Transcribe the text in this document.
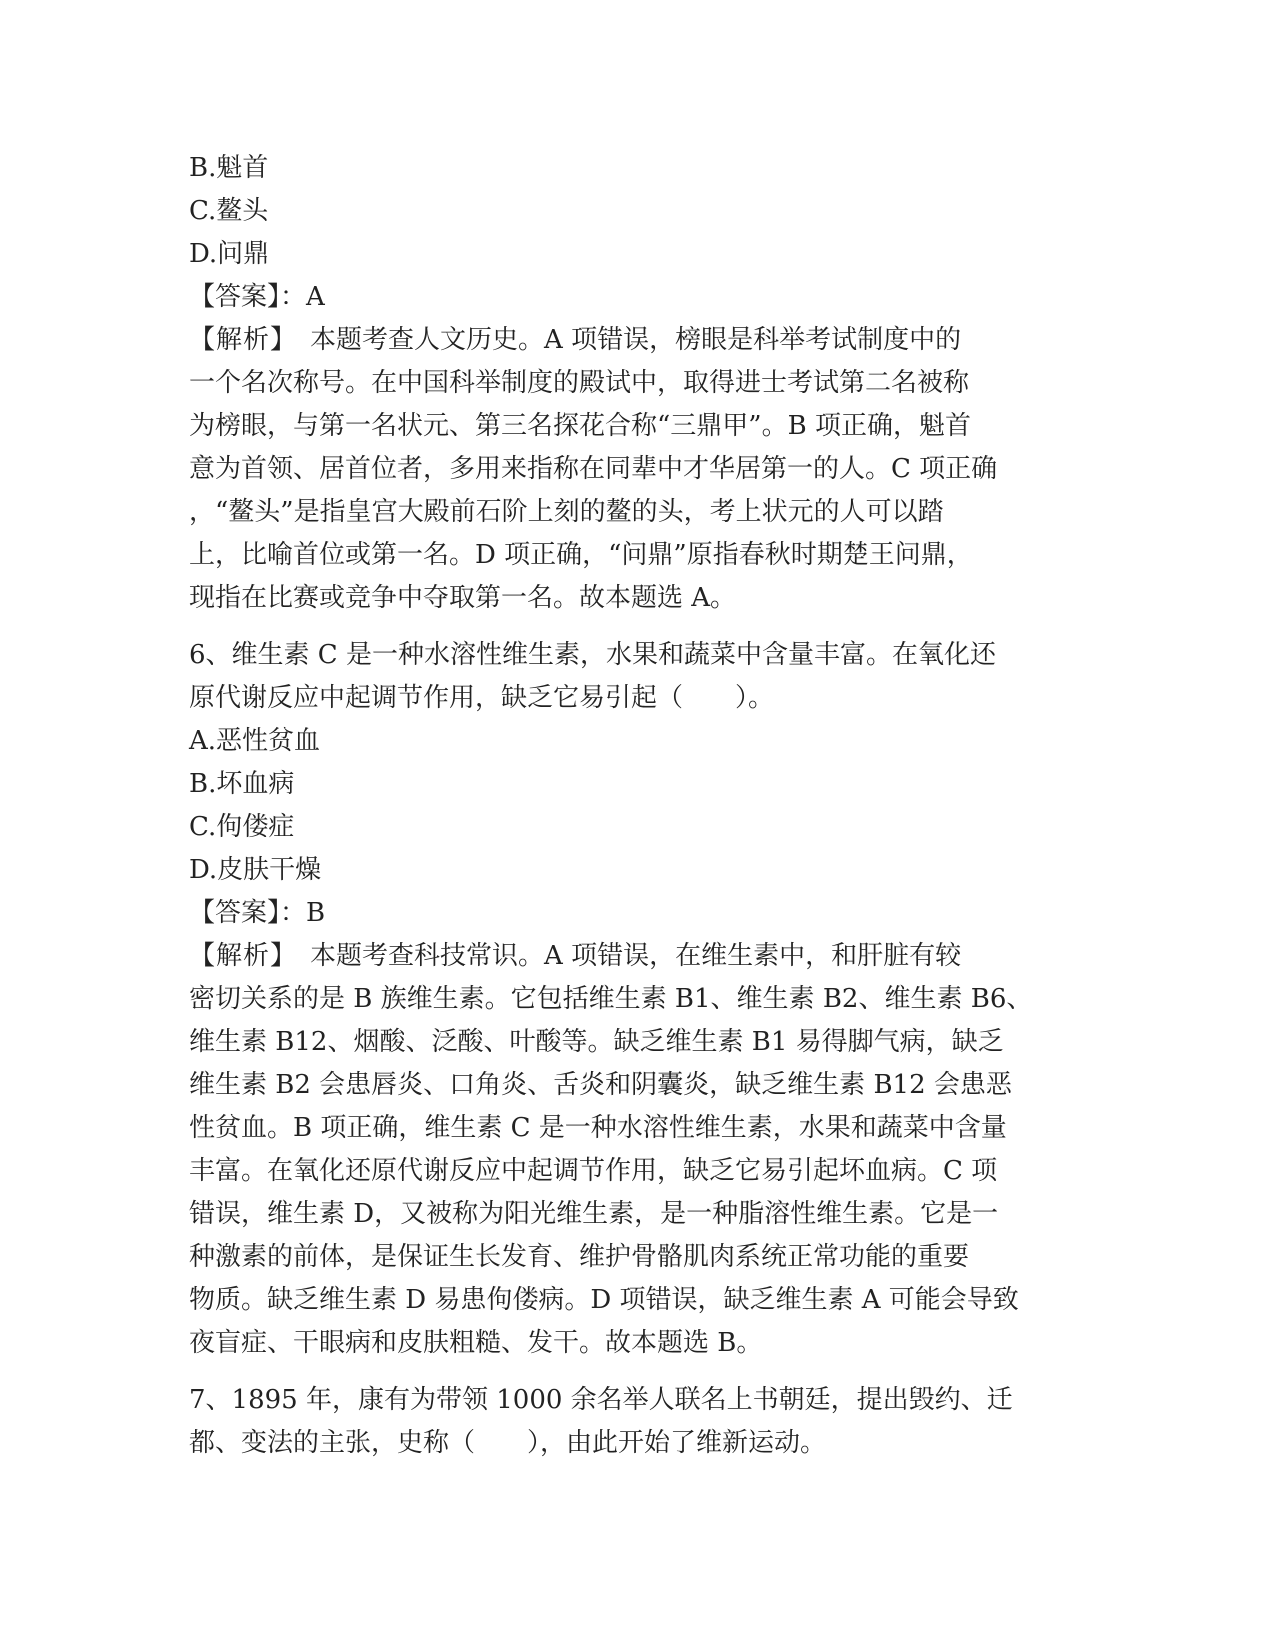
B.魁首
C.鳌头
D.问鼎
【答案】：A
【解析】　 本题考查人文历史。A 项错误，榜眼是科举考试制度中的
一个名次称号。在中国科举制度的殿试中，取得进士考试第二名被称
为榜眼，与第一名状元、第三名探花合称“三鼎甲”。B 项正确，魁首
意为首领、居首位者，多用来指称在同辈中才华居第一的人。C 项正确
，“鳌头”是指皇宫大殿前石阶上刻的鳌的头，考上状元的人可以踏
上，比喻首位或第一名。D 项正确，“问鼎”原指春秋时期楚王问鼎，
现指在比赛或竞争中夺取第一名。故本题选 A。
6、维生素 C 是一种水溶性维生素，水果和蔬菜中含量丰富。在氧化还
原代谢反应中起调节作用，缺乏它易引起（　　）。
A.恶性贫血
B.坏血病
C.佝偻症
D.皮肤干燥
【答案】：B
【解析】　 本题考查科技常识。A 项错误，在维生素中，和肝脏有较
密切关系的是 B 族维生素。它包括维生素 B1、维生素 B2、维生素 B6、
维生素 B12、烟酸、泛酸、叶酸等。缺乏维生素 B1 易得脚气病，缺乏
维生素 B2 会患唇炎、口角炎、舌炎和阴囊炎，缺乏维生素 B12 会患恶
性贫血。B 项正确，维生素 C 是一种水溶性维生素，水果和蔬菜中含量
丰富。在氧化还原代谢反应中起调节作用，缺乏它易引起坏血病。C 项
错误，维生素 D，又被称为阳光维生素，是一种脂溶性维生素。它是一
种激素的前体，是保证生长发育、维护骨骼肌肉系统正常功能的重要
物质。缺乏维生素 D 易患佝偻病。D 项错误，缺乏维生素 A 可能会导致
夜盲症、干眼病和皮肤粗糙、发干。故本题选 B。
7、1895 年，康有为带领 1000 余名举人联名上书朝廷，提出毁约、迁
都、变法的主张，史称（　　），由此开始了维新运动。
